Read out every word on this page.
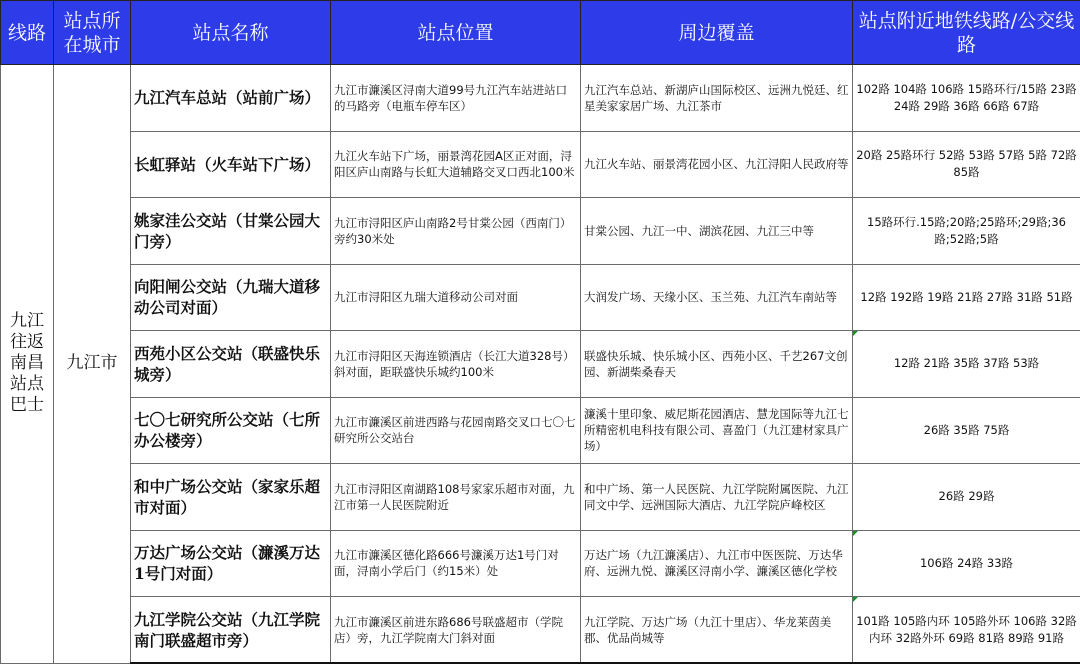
线路	站点所在城市	站点名称	站点位置	周边覆盖	站点附近地铁线路/公交线路
九江往返南昌站点巴士	九江市	九江汽车总站（站前广场）	九江市濂溪区浔南大道99号九江汽车站进站口的马路旁（电瓶车停车区）	九江汽车总站、新湖庐山国际校区、远洲九悦廷、红星美家家居广场、九江茶市	102路 104路 106路 15路环行/15路 23路 24路 29路 36路 66路 67路
		长虹驿站（火车站下广场）	九江火车站下广场，丽景湾花园A区正对面，浔阳区庐山南路与长虹大道辅路交叉口西北100米	九江火车站、丽景湾花园小区、九江浔阳人民政府等	20路 25路环行 52路 53路 57路 5路 72路 85路
		姚家洼公交站（甘棠公园大门旁）	九江市浔阳区庐山南路2号甘棠公园（西南门）旁约30米处	甘棠公园、九江一中、湖滨花园、九江三中等	15路环行.15路;20路;25路环;29路;36路;52路;5路
		向阳闸公交站（九瑞大道移动公司对面）	九江市浔阳区九瑞大道移动公司对面	大润发广场、天缘小区、玉兰苑、九江汽车南站等	12路 192路 19路 21路 27路 31路 51路
		西苑小区公交站（联盛快乐城旁）	九江市浔阳区天海连锁酒店（长江大道328号）斜对面，距联盛快乐城约100米	联盛快乐城、快乐城小区、西苑小区、千艺267文创园、新湖柴桑春天	12路 21路 35路 37路 53路
		七〇七研究所公交站（七所办公楼旁）	九江市濂溪区前进西路与花园南路交叉口七〇七研究所公交站台	濂溪十里印象、威尼斯花园酒店、慧龙国际等九江七所精密机电科技有限公司、喜盈门（九江建材家具广场）	26路 35路 75路
		和中广场公交站（家家乐超市对面）	九江市浔阳区南湖路108号家家乐超市对面，九江市第一人民医院附近	和中广场、第一人民医院、九江学院附属医院、九江同文中学、远洲国际大酒店、九江学院庐峰校区	26路 29路
		万达广场公交站（濂溪万达1号门对面）	九江市濂溪区德化路666号濂溪万达1号门对面，浔南小学后门（约15米）处	万达广场（九江濂溪店）、九江市中医医院、万达华府、远洲九悦、濂溪区浔南小学、濂溪区德化学校	106路 24路 33路
		九江学院公交站（九江学院南门联盛超市旁）	九江市濂溪区前进东路686号联盛超市（学院店）旁，九江学院南大门斜对面	九江学院、万达广场（九江十里店）、华龙莱茵美郡、优品尚城等	101路 105路内环 105路外环 106路 32路内环 32路外环 69路 81路 89路 91路
